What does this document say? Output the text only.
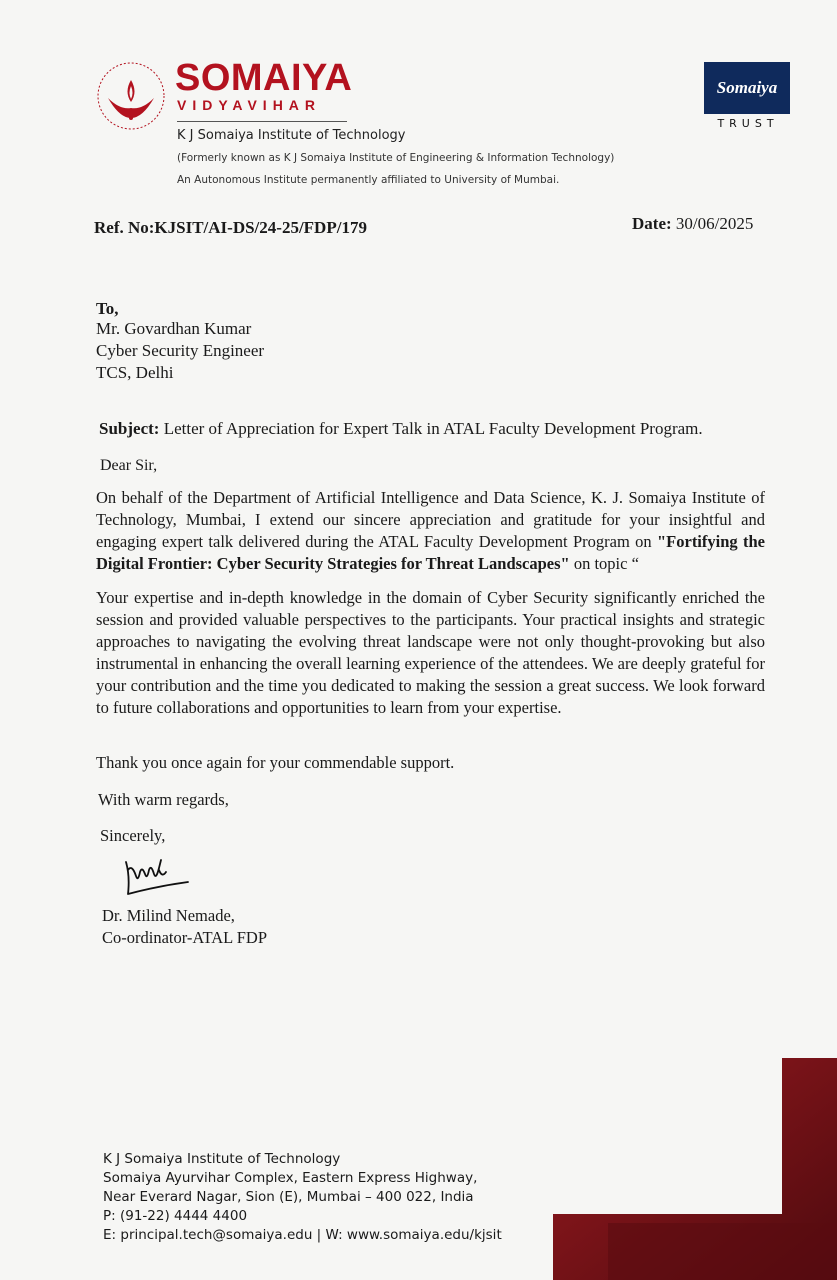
SOMAIYA
VIDYAVIHAR
K J Somaiya Institute of Technology
(Formerly known as K J Somaiya Institute of Engineering & Information Technology)
An Autonomous Institute permanently affiliated to University of Mumbai.
Somaiya
TRUST
Ref. No:KJSIT/AI-DS/24-25/FDP/179	Date: 30/06/2025
To,
Mr. Govardhan Kumar
Cyber Security Engineer
TCS, Delhi
Subject: Letter of Appreciation for Expert Talk in ATAL Faculty Development Program.
Dear Sir,
On behalf of the Department of Artificial Intelligence and Data Science, K. J. Somaiya Institute of Technology, Mumbai, I extend our sincere appreciation and gratitude for your insightful and engaging expert talk delivered during the ATAL Faculty Development Program on "Fortifying the Digital Frontier: Cyber Security Strategies for Threat Landscapes" on topic “
Your expertise and in-depth knowledge in the domain of Cyber Security significantly enriched the session and provided valuable perspectives to the participants. Your practical insights and strategic approaches to navigating the evolving threat landscape were not only thought-provoking but also instrumental in enhancing the overall learning experience of the attendees. We are deeply grateful for your contribution and the time you dedicated to making the session a great success. We look forward to future collaborations and opportunities to learn from your expertise.
Thank you once again for your commendable support.
With warm regards,
Sincerely,
Dr. Milind Nemade,
Co-ordinator-ATAL FDP
K J Somaiya Institute of Technology
Somaiya Ayurvihar Complex, Eastern Express Highway,
Near Everard Nagar, Sion (E), Mumbai – 400 022, India
P: (91-22) 4444 4400
E: principal.tech@somaiya.edu | W: www.somaiya.edu/kjsit
